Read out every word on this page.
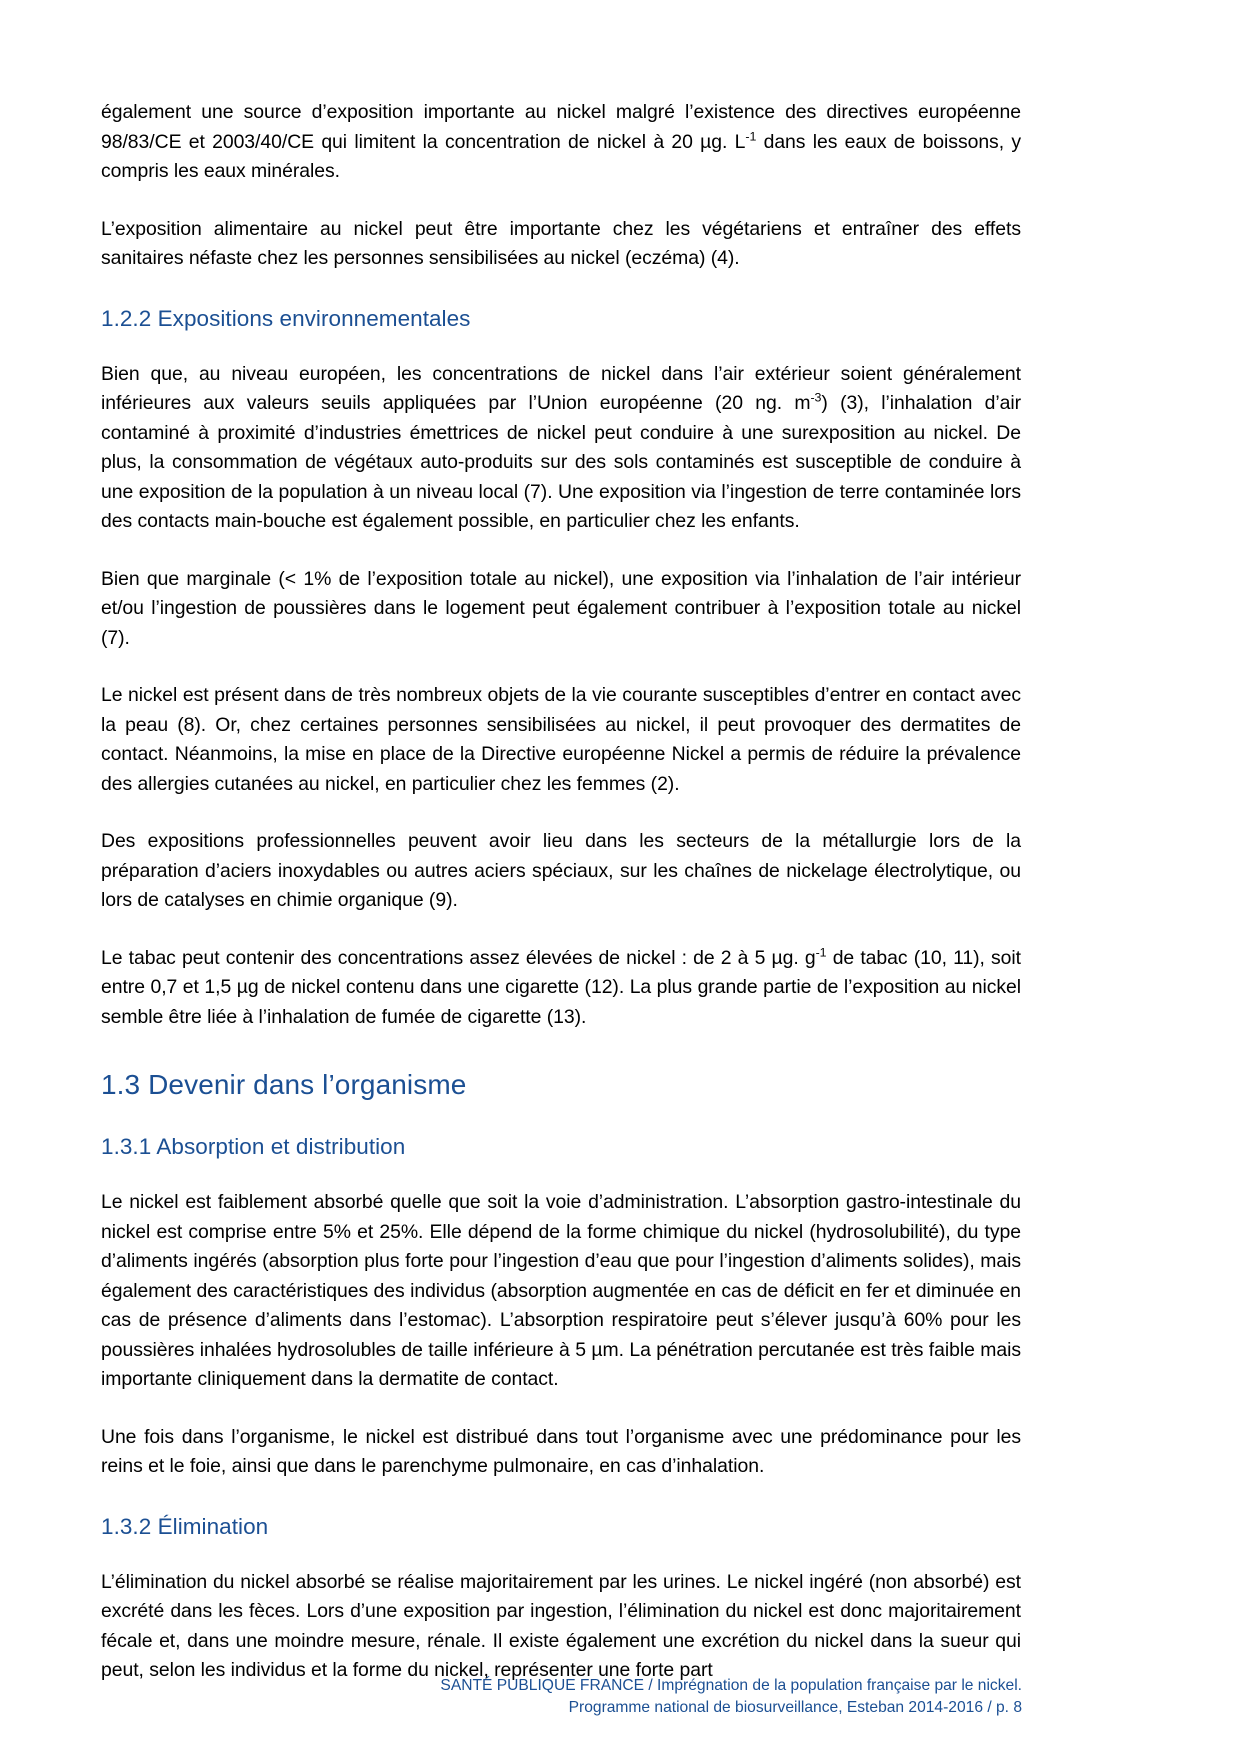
également une source d’exposition importante au nickel malgré l’existence des directives européenne 98/83/CE et 2003/40/CE qui limitent la concentration de nickel à 20 µg. $L^{-1}$ dans les eaux de boissons, y compris les eaux minérales.

L’exposition alimentaire au nickel peut être importante chez les végétariens et entraîner des effets sanitaires néfaste chez les personnes sensibilisées au nickel (eczéma) (4).

1.2.2 Expositions environnementales

Bien que, au niveau européen, les concentrations de nickel dans l’air extérieur soient généralement inférieures aux valeurs seuils appliquées par l’Union européenne (20 ng. $m^{-3}$) (3), l’inhalation d’air contaminé à proximité d’industries émettrices de nickel peut conduire à une surexposition au nickel. De plus, la consommation de végétaux auto-produits sur des sols contaminés est susceptible de conduire à une exposition de la population à un niveau local (7). Une exposition via l’ingestion de terre contaminée lors des contacts main-bouche est également possible, en particulier chez les enfants.

Bien que marginale (< 1% de l’exposition totale au nickel), une exposition via l’inhalation de l’air intérieur et/ou l’ingestion de poussières dans le logement peut également contribuer à l’exposition totale au nickel (7).

Le nickel est présent dans de très nombreux objets de la vie courante susceptibles d’entrer en contact avec la peau (8). Or, chez certaines personnes sensibilisées au nickel, il peut provoquer des dermatites de contact. Néanmoins, la mise en place de la Directive européenne Nickel a permis de réduire la prévalence des allergies cutanées au nickel, en particulier chez les femmes (2).

Des expositions professionnelles peuvent avoir lieu dans les secteurs de la métallurgie lors de la préparation d’aciers inoxydables ou autres aciers spéciaux, sur les chaînes de nickelage électrolytique, ou lors de catalyses en chimie organique (9).

Le tabac peut contenir des concentrations assez élevées de nickel : de 2 à 5 µg. $g^{-1}$ de tabac (10, 11), soit entre 0,7 et 1,5 µg de nickel contenu dans une cigarette (12). La plus grande partie de l’exposition au nickel semble être liée à l’inhalation de fumée de cigarette (13).

1.3 Devenir dans l’organisme
1.3.1 Absorption et distribution

Le nickel est faiblement absorbé quelle que soit la voie d’administration. L’absorption gastro-intestinale du nickel est comprise entre 5% et 25%. Elle dépend de la forme chimique du nickel (hydrosolubilité), du type d’aliments ingérés (absorption plus forte pour l’ingestion d’eau que pour l’ingestion d’aliments solides), mais également des caractéristiques des individus (absorption augmentée en cas de déficit en fer et diminuée en cas de présence d’aliments dans l’estomac). L’absorption respiratoire peut s’élever jusqu’à 60% pour les poussières inhalées hydrosolubles de taille inférieure à 5 µm. La pénétration percutanée est très faible mais importante cliniquement dans la dermatite de contact.

Une fois dans l’organisme, le nickel est distribué dans tout l’organisme avec une prédominance pour les reins et le foie, ainsi que dans le parenchyme pulmonaire, en cas d’inhalation.

1.3.2 Élimination

L’élimination du nickel absorbé se réalise majoritairement par les urines. Le nickel ingéré (non absorbé) est excrété dans les fèces. Lors d’une exposition par ingestion, l’élimination du nickel est donc majoritairement fécale et, dans une moindre mesure, rénale. Il existe également une excrétion du nickel dans la sueur qui peut, selon les individus et la forme du nickel, représenter une forte part

SANTÉ PUBLIQUE FRANCE / Imprégnation de la population française par le nickel.
Programme national de biosurveillance, Esteban 2014-2016 / p. 8
